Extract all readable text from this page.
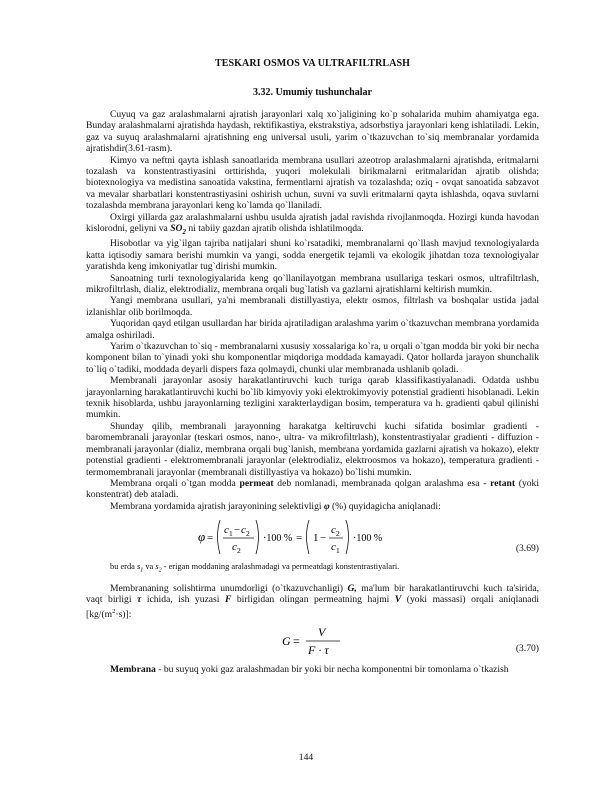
TESKARI OSMOS VA ULTRAFILTRLASH
3.32. Umumiy tushunchalar

Cuyuq va gaz aralashmalarni ajratish jarayonlari xalq xo`jaligining ko`p sohalarida muhim ahamiyatga ega. Bunday aralashmalarni ajratishda haydash, rektifikastiya, ekstrakstiya, adsorbstiya jarayonlari keng ishlatiladi. Lekin, gaz va suyuq aralashmalarni ajratishning eng universal usuli, yarim o`tkazuvchan to`siq membranalar yordamida ajratishdir(3.61-rasm).

Kimyo va neftni qayta ishlash sanoatlarida membrana usullari azeotrop aralashmalarni ajratishda, eritmalarni tozalash va konstentrastiyasini orttirishda, yuqori molekulali birikmalarni eritmalaridan ajratib olishda; biotexnologiya va medistina sanoatida vakstina, fermentlarni ajratish va tozalashda; oziq - ovqat sanoatida sabzavot va mevalar sharbatlari konstentrastiyasini oshirish uchun, suvni va suvli eritmalarni qayta ishlashda, oqava suvlarni tozalashda membrana jarayonlari keng ko`lamda qo`llaniladi.

Oxirgi yillarda gaz aralashmalarni ushbu usulda ajratish jadal ravishda rivojlanmoqda. Hozirgi kunda havodan kislorodni, geliyni va $SO_2$ ni tabiiy gazdan ajratib olishda ishlatilmoqda.

Hisobotlar va yig`ilgan tajriba natijalari shuni ko`rsatadiki, membranalarni qo`llash mavjud texnologiyalarda katta iqtisodiy samara berishi mumkin va yangi, sodda energetik tejamli va ekologik jihatdan toza texnologiyalar yaratishda keng imkoniyatlar tug`dirishi mumkin.

Sanoatning turli texnologiyalarida keng qo`llanilayotgan membrana usullariga teskari osmos, ultrafiltrlash, mikrofiltrlash, dializ, elektrodializ, membrana orqali bug`latish va gazlarni ajratishlarni keltirish mumkin.

Yangi membrana usullari, ya'ni membranali distillyastiya, elektr osmos, filtrlash va boshqalar ustida jadal izlanishlar olib borilmoqda.

Yuqoridan qayd etilgan usullardan har birida ajratiladigan aralashma yarim o`tkazuvchan membrana yordamida amalga oshiriladi.

Yarim o`tkazuvchan to`siq - membranalarni xususiy xossalariga ko`ra, u orqali o`tgan modda bir yoki bir necha komponent bilan to`yinadi yoki shu komponentlar miqdoriga moddada kamayadi. Qator hollarda jarayon shunchalik to`liq o`tadiki, moddada deyarli dispers faza qolmaydi, chunki ular membranada ushlanib qoladi.

Membranali jarayonlar asosiy harakatlantiruvchi kuch turiga qarab klassifikastiyalanadi. Odatda ushbu jarayonlarning harakatlantiruvchi kuchi bo`lib kimyoviy yoki elektrokimyoviy potenstial gradienti hisoblanadi. Lekin texnik hisoblarda, ushbu jarayonlarning tezligini xarakterlaydigan bosim, temperatura va h. gradienti qabul qilinishi mumkin.

Shunday qilib, membranali jarayonning harakatga keltiruvchi kuchi sifatida bosimlar gradienti - baromembranali jarayonlar (teskari osmos, nano-, ultra- va mikrofiltrlash), konstentrastiyalar gradienti - diffuzion - membranali jarayonlar (dializ, membrana orqali bug`lanish, membrana yordamida gazlarni ajratish va hokazo), elektr potenstial gradienti - elektromembranali jarayonlar (elektrodializ, elektroosmos va hokazo), temperatura gradienti - termomembranali jarayonlar (membranali distillyastiya va hokazo) bo`lishi mumkin.

Membrana orqali o`tgan modda permeat deb nomlanadi, membranada qolgan aralashma esa - retant (yoki konstentrat) deb ataladi.

Membrana yordamida ajratish jarayonining selektivligi φ (%) quyidagicha aniqlanadi:

φ =
c 1 − c 2
c 2
·100 % = 1 −
c 2
c 1
·100 %
(3.69)

bu erda $s_1$ va $s_2$ - erigan moddaning aralashmadagi va permeatdagi konstentrastiyalari.

Membrananing solishtirma unumdorligi (o`tkazuvchanligi) G, ma'lum bir harakatlantiruvchi kuch ta'sirida, vaqt birligi τ ichida, ish yuzasi F birligidan olingan permeatning hajmi V (yoki massasi) orqali aniqlanadi $[kg/(m^2\cdot s)]$:

G =
V
F · τ	(3.70)

Membrana - bu suyuq yoki gaz aralashmadan bir yoki bir necha komponentni bir tomonlama o`tkazish

144
